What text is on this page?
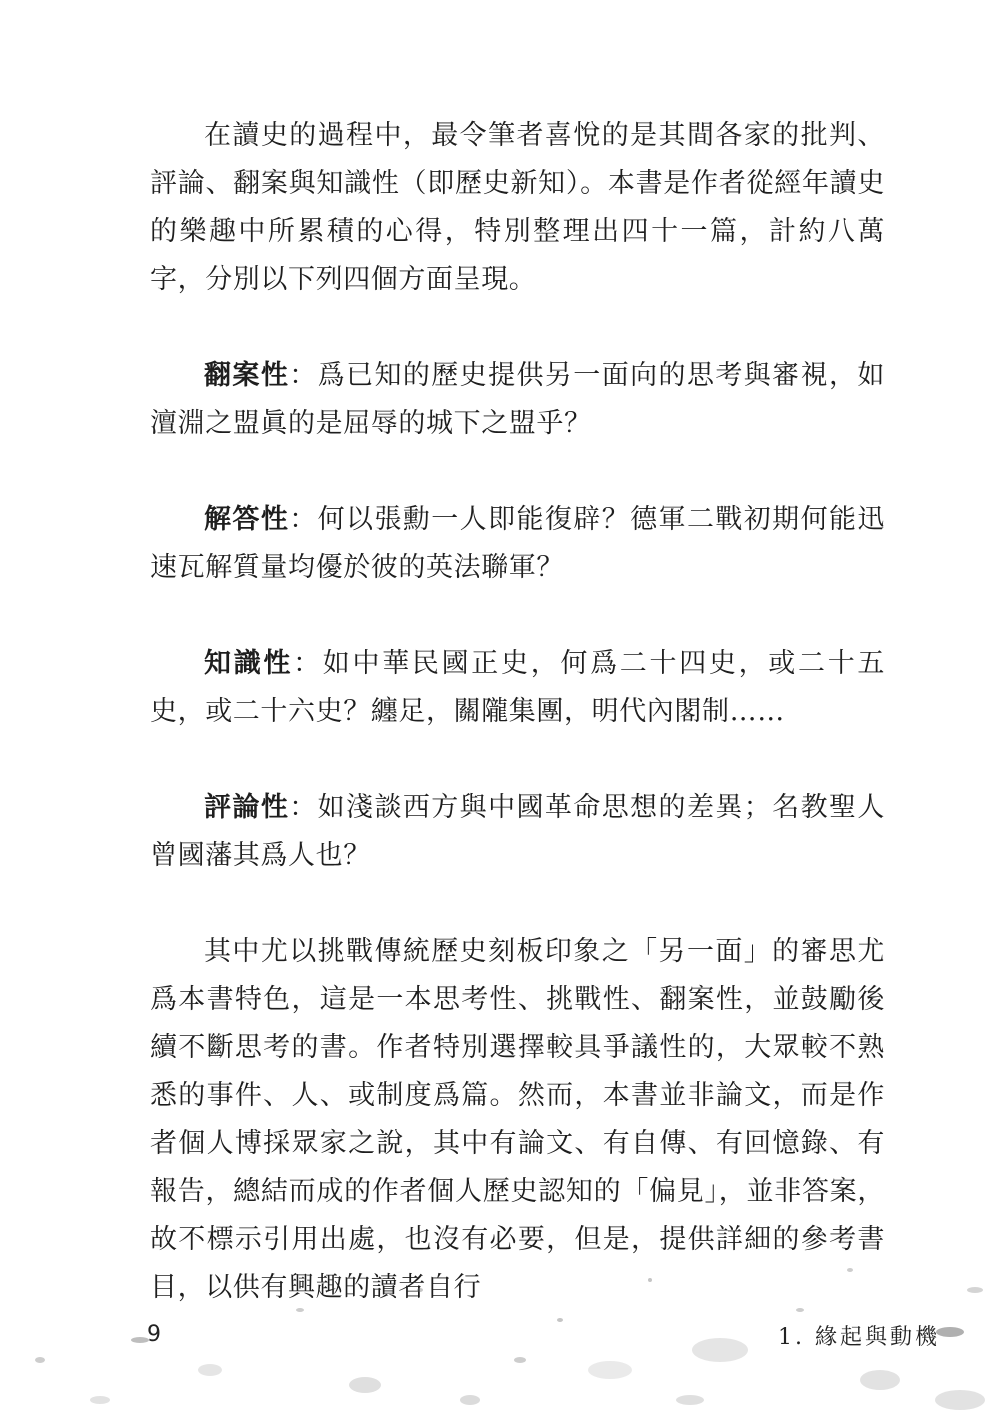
在讀史的過程中，最令筆者喜悅的是其間各家的批判、評論、翻案與知識性（即歷史新知）。本書是作者從經年讀史的樂趣中所累積的心得，特別整理出四十一篇，計約八萬字，分別以下列四個方面呈現。

翻案性：爲已知的歷史提供另一面向的思考與審視，如澶淵之盟眞的是屈辱的城下之盟乎？

解答性：何以張勳一人即能復辟？德軍二戰初期何能迅速瓦解質量均優於彼的英法聯軍？

知識性：如中華民國正史，何爲二十四史，或二十五史，或二十六史？纏足，關隴集團，明代內閣制……

評論性：如淺談西方與中國革命思想的差異；名教聖人曾國藩其爲人也？

其中尤以挑戰傳統歷史刻板印象之「另一面」的審思尤爲本書特色，這是一本思考性、挑戰性、翻案性，並鼓勵後續不斷思考的書。作者特別選擇較具爭議性的，大眾較不熟悉的事件、人、或制度爲篇。然而，本書並非論文，而是作者個人博採眾家之說，其中有論文、有自傳、有回憶錄、有報告，總結而成的作者個人歷史認知的「偏見」，並非答案，故不標示引用出處，也沒有必要，但是，提供詳細的參考書目，以供有興趣的讀者自行

9	1. 緣起與動機
